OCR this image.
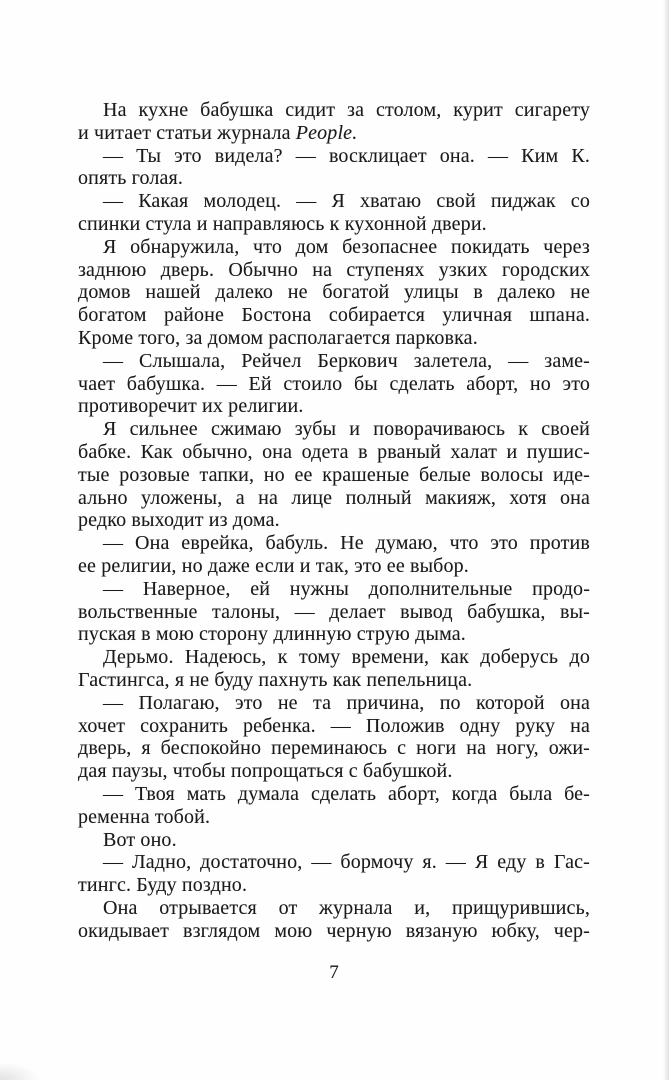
На кухне бабушка сидит за столом, курит сигарету
и читает статьи журнала People.
— Ты это видела? — восклицает она. — Ким К.
опять голая.
— Какая молодец. — Я хватаю свой пиджак со
спинки стула и направляюсь к кухонной двери.
Я обнаружила, что дом безопаснее покидать через
заднюю дверь. Обычно на ступенях узких городских
домов нашей далеко не богатой улицы в далеко не
богатом районе Бостона собирается уличная шпана.
Кроме того, за домом располагается парковка.
— Слышала, Рейчел Беркович залетела, — заме-
чает бабушка. — Ей стоило бы сделать аборт, но это
противоречит их религии.
Я сильнее сжимаю зубы и поворачиваюсь к своей
бабке. Как обычно, она одета в рваный халат и пушис-
тые розовые тапки, но ее крашеные белые волосы иде-
ально уложены, а на лице полный макияж, хотя она
редко выходит из дома.
— Она еврейка, бабуль. Не думаю, что это против
ее религии, но даже если и так, это ее выбор.
— Наверное, ей нужны дополнительные продо-
вольственные талоны, — делает вывод бабушка, вы-
пуская в мою сторону длинную струю дыма.
Дерьмо. Надеюсь, к тому времени, как доберусь до
Гастингса, я не буду пахнуть как пепельница.
— Полагаю, это не та причина, по которой она
хочет сохранить ребенка. — Положив одну руку на
дверь, я беспокойно переминаюсь с ноги на ногу, ожи-
дая паузы, чтобы попрощаться с бабушкой.
— Твоя мать думала сделать аборт, когда была бе-
ременна тобой.
Вот оно.
— Ладно, достаточно, — бормочу я. — Я еду в Гас-
тингс. Буду поздно.
Она отрывается от журнала и, прищурившись,
окидывает взглядом мою черную вязаную юбку, чер-
7
